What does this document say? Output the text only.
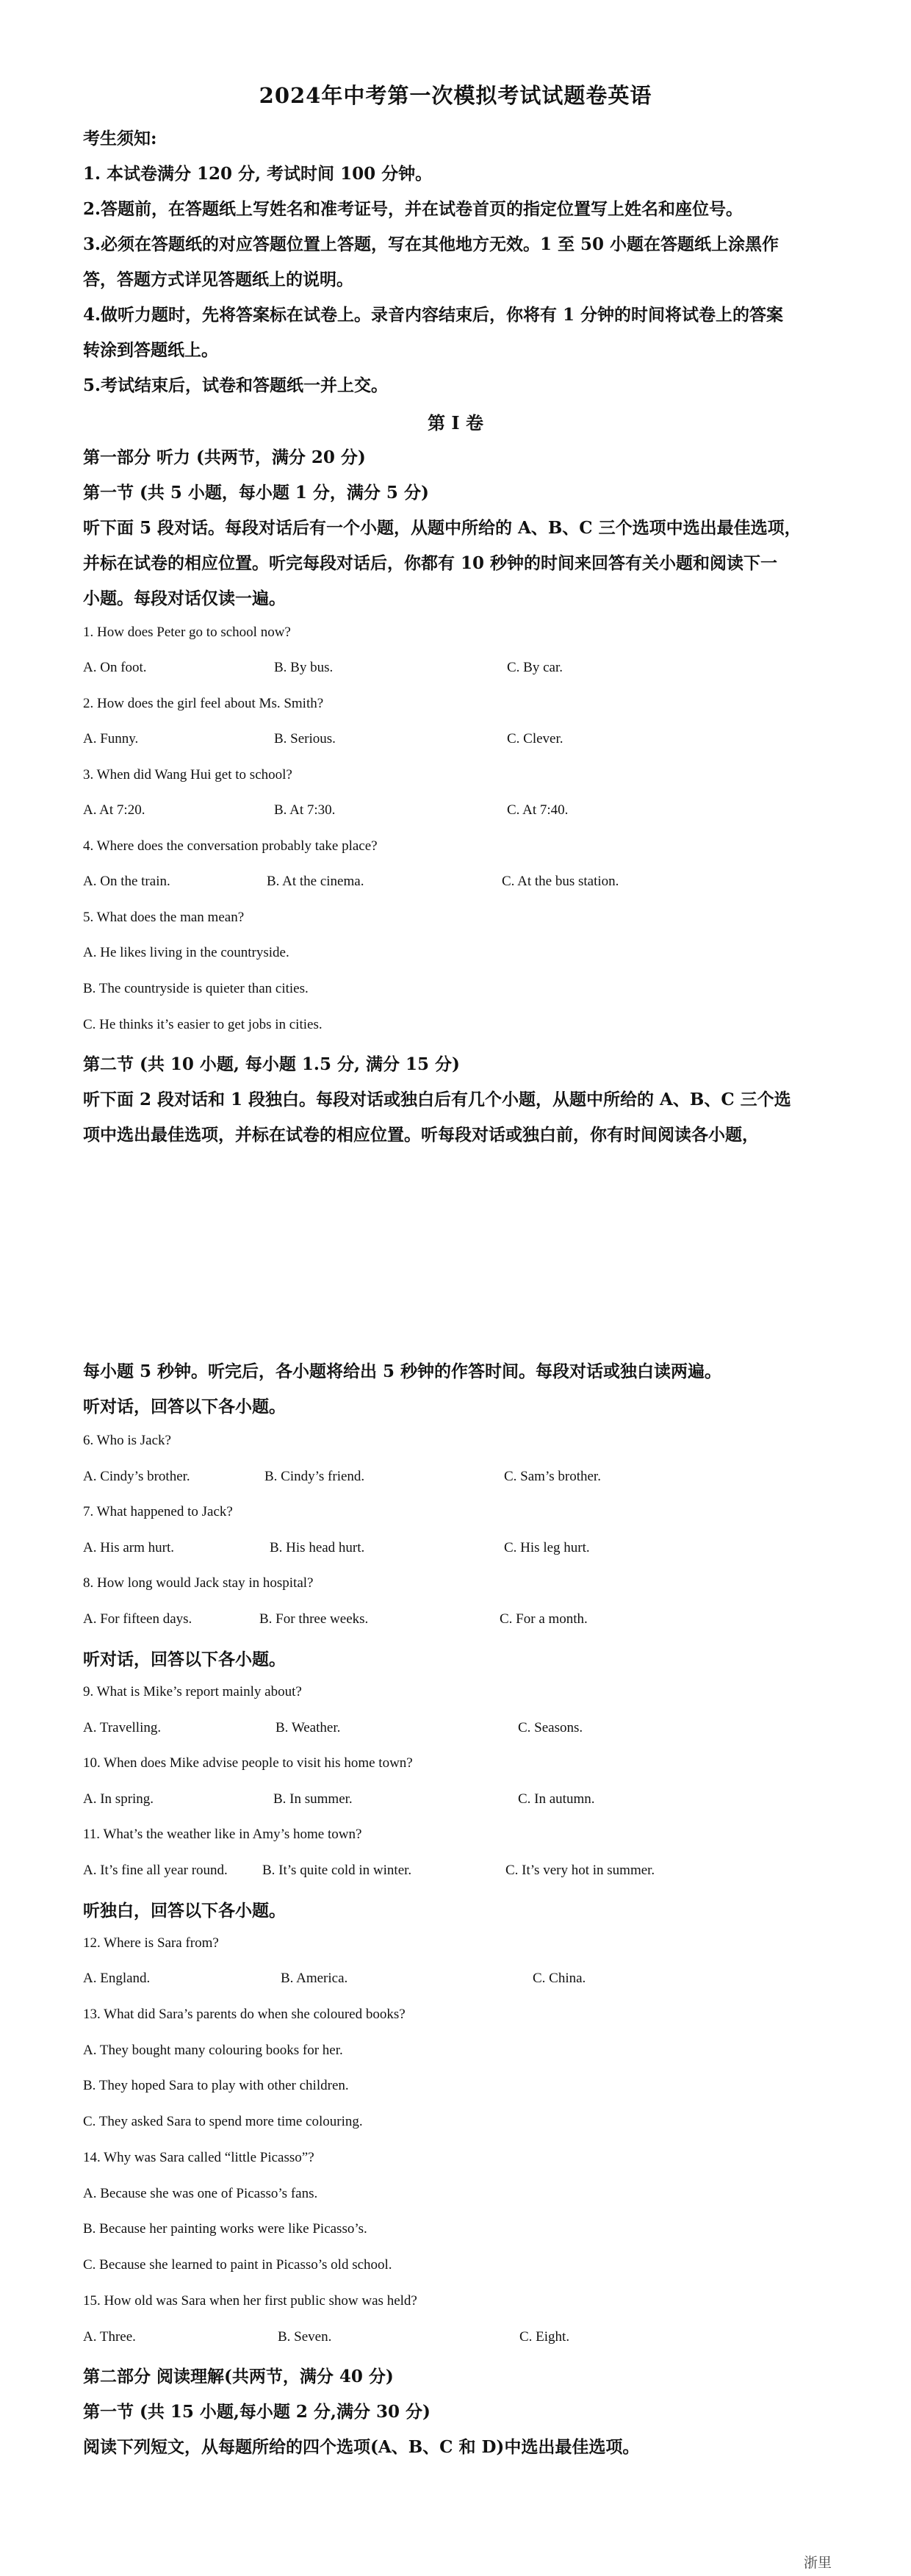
2024年中考第一次模拟考试试题卷英语
考生须知:
1. 本试卷满分 120 分, 考试时间 100 分钟。
2.答题前，在答题纸上写姓名和准考证号，并在试卷首页的指定位置写上姓名和座位号。
3.必须在答题纸的对应答题位置上答题，写在其他地方无效。1 至 50 小题在答题纸上涂黑作
答，答题方式详见答题纸上的说明。
4.做听力题时，先将答案标在试卷上。录音内容结束后，你将有 1 分钟的时间将试卷上的答案
转涂到答题纸上。
5.考试结束后，试卷和答题纸一并上交。
第 I 卷
第一部分 听力 (共两节，满分 20 分)
第一节 (共 5 小题，每小题 1 分，满分 5 分)
听下面 5 段对话。每段对话后有一个小题，从题中所给的 A、B、C 三个选项中选出最佳选项，
并标在试卷的相应位置。听完每段对话后，你都有 10 秒钟的时间来回答有关小题和阅读下一
小题。每段对话仅读一遍。
1. How does Peter go to school now?
A. On foot.	B. By bus.	C. By car.
2. How does the girl feel about Ms. Smith?
A. Funny.	B. Serious.	C. Clever.
3. When did Wang Hui get to school?
A. At 7:20.	B. At 7:30.	C. At 7:40.
4. Where does the conversation probably take place?
A. On the train.	B. At the cinema.	C. At the bus station.
5. What does the man mean?
A. He likes living in the countryside.
B. The countryside is quieter than cities.
C. He thinks it’s easier to get jobs in cities.
第二节 (共 10 小题, 每小题 1.5 分, 满分 15 分)
听下面 2 段对话和 1 段独白。每段对话或独白后有几个小题，从题中所给的 A、B、C 三个选
项中选出最佳选项，并标在试卷的相应位置。听每段对话或独白前，你有时间阅读各小题，
每小题 5 秒钟。听完后，各小题将给出 5 秒钟的作答时间。每段对话或独白读两遍。
听对话，回答以下各小题。
6. Who is Jack?
A. Cindy’s brother.	B. Cindy’s friend.	C. Sam’s brother.
7. What happened to Jack?
A. His arm hurt.	B. His head hurt.	C. His leg hurt.
8. How long would Jack stay in hospital?
A. For fifteen days.	B. For three weeks.	C. For a month.
听对话，回答以下各小题。
9. What is Mike’s report mainly about?
A. Travelling.	B. Weather.	C. Seasons.
10. When does Mike advise people to visit his home town?
A. In spring.	B. In summer.	C. In autumn.
11. What’s the weather like in Amy’s home town?
A. It’s fine all year round. B. It’s quite cold in winter.	C. It’s very hot in summer.
听独白，回答以下各小题。
12. Where is Sara from?
A. England.	B. America.	C. China.
13. What did Sara’s parents do when she coloured books?
A. They bought many colouring books for her.
B. They hoped Sara to play with other children.
C. They asked Sara to spend more time colouring.
14. Why was Sara called “little Picasso”?
A. Because she was one of Picasso’s fans.
B. Because her painting works were like Picasso’s.
C. Because she learned to paint in Picasso’s old school.
15. How old was Sara when her first public show was held?
A. Three.	B. Seven.	C. Eight.
第二部分 阅读理解(共两节，满分 40 分)
第一节 (共 15 小题,每小题 2 分,满分 30 分)
阅读下列短文，从每题所给的四个选项(A、B、C 和 D)中选出最佳选项。
浙里
